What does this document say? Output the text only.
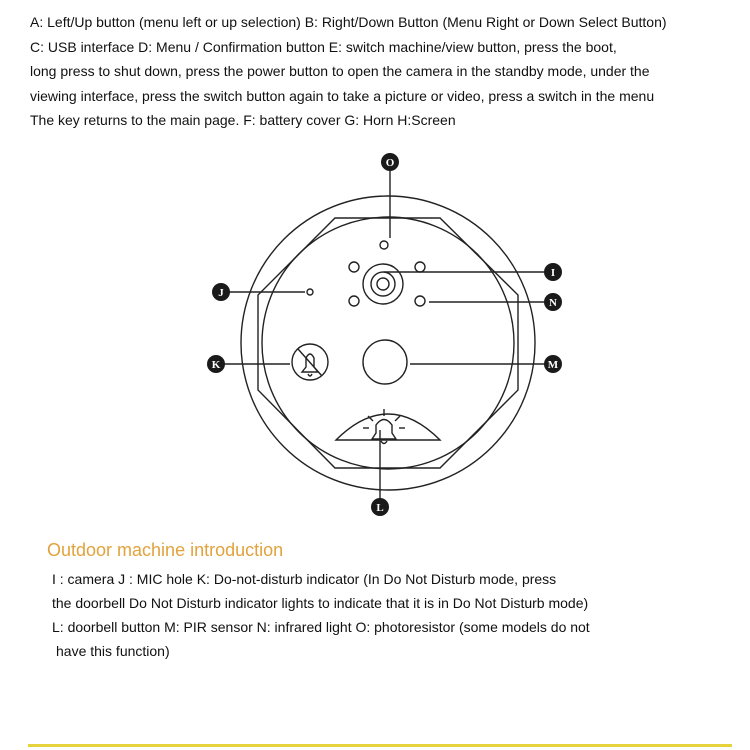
A: Left/Up button (menu left or up selection) B: Right/Down Button (Menu Right or Down Select Button)
C: USB interface D: Menu / Confirmation button E: switch machine/view button, press the boot,
long press to shut down, press the power button to open the camera in the standby mode, under the
viewing interface, press the switch button again to take a picture or video, press a switch in the menu
The key returns to the main page. F: battery cover G: Horn H:Screen
O
I
N
J
K	M
L
Outdoor machine introduction
I : camera J : MIC hole K: Do-not-disturb indicator (In Do Not Disturb mode, press
the doorbell Do Not Disturb indicator lights to indicate that it is in Do Not Disturb mode)
L: doorbell button M: PIR sensor N: infrared light O: photoresistor (some models do not
have this function)
